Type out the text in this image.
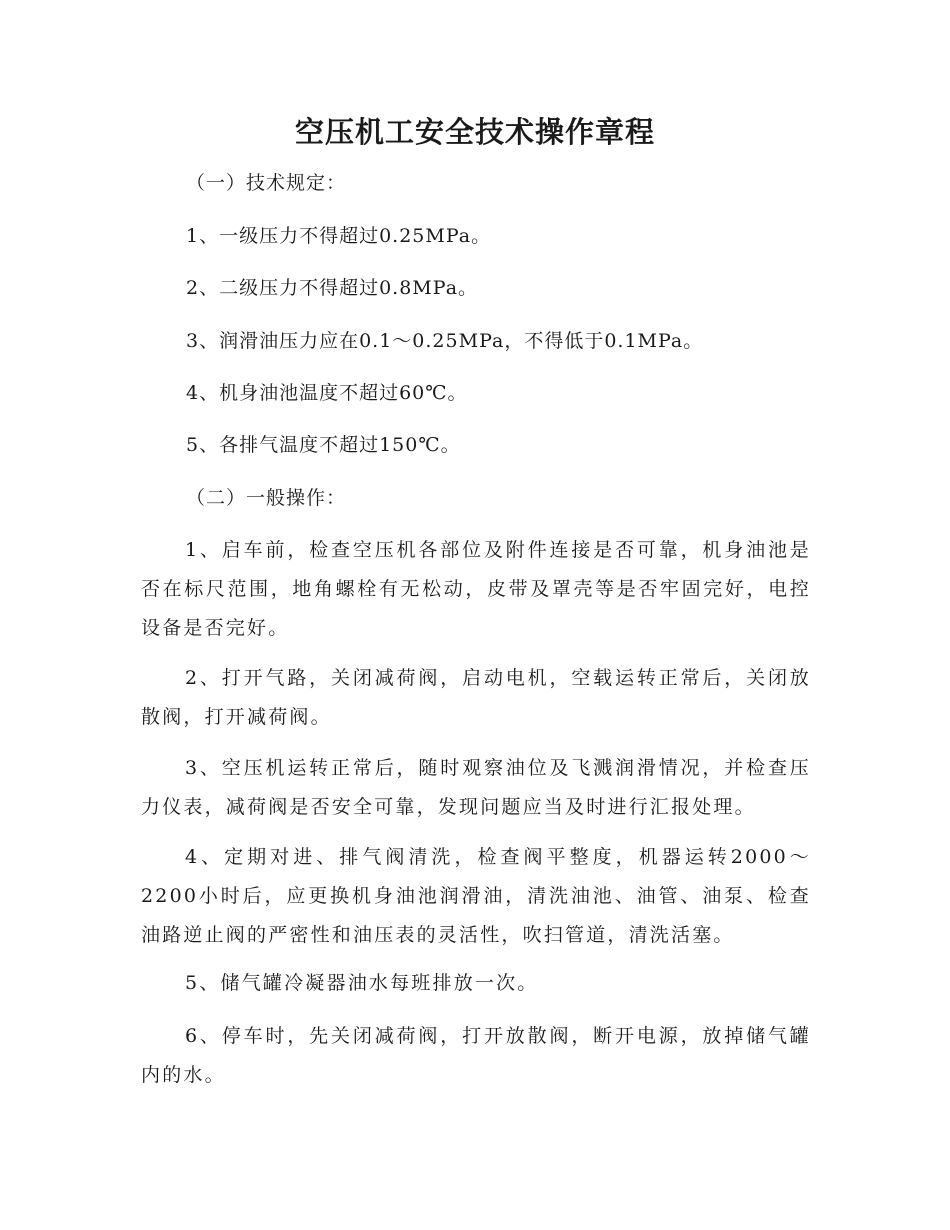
空压机工安全技术操作章程
（一）技术规定：
1、一级压力不得超过0.25MPa。
2、二级压力不得超过0.8MPa。
3、润滑油压力应在0.1～0.25MPa，不得低于0.1MPa。
4、机身油池温度不超过60℃。
5、各排气温度不超过150℃。
（二）一般操作：
1、启车前，检查空压机各部位及附件连接是否可靠，机身油池是否在标尺范围，地角螺栓有无松动，皮带及罩壳等是否牢固完好，电控设备是否完好。
2、打开气路，关闭减荷阀，启动电机，空载运转正常后，关闭放散阀，打开减荷阀。
3、空压机运转正常后，随时观察油位及飞溅润滑情况，并检查压力仪表，减荷阀是否安全可靠，发现问题应当及时进行汇报处理。
4、定期对进、排气阀清洗，检查阀平整度，机器运转2000～2200小时后，应更换机身油池润滑油，清洗油池、油管、油泵、检查油路逆止阀的严密性和油压表的灵活性，吹扫管道，清洗活塞。
5、储气罐冷凝器油水每班排放一次。
6、停车时，先关闭减荷阀，打开放散阀，断开电源，放掉储气罐内的水。
